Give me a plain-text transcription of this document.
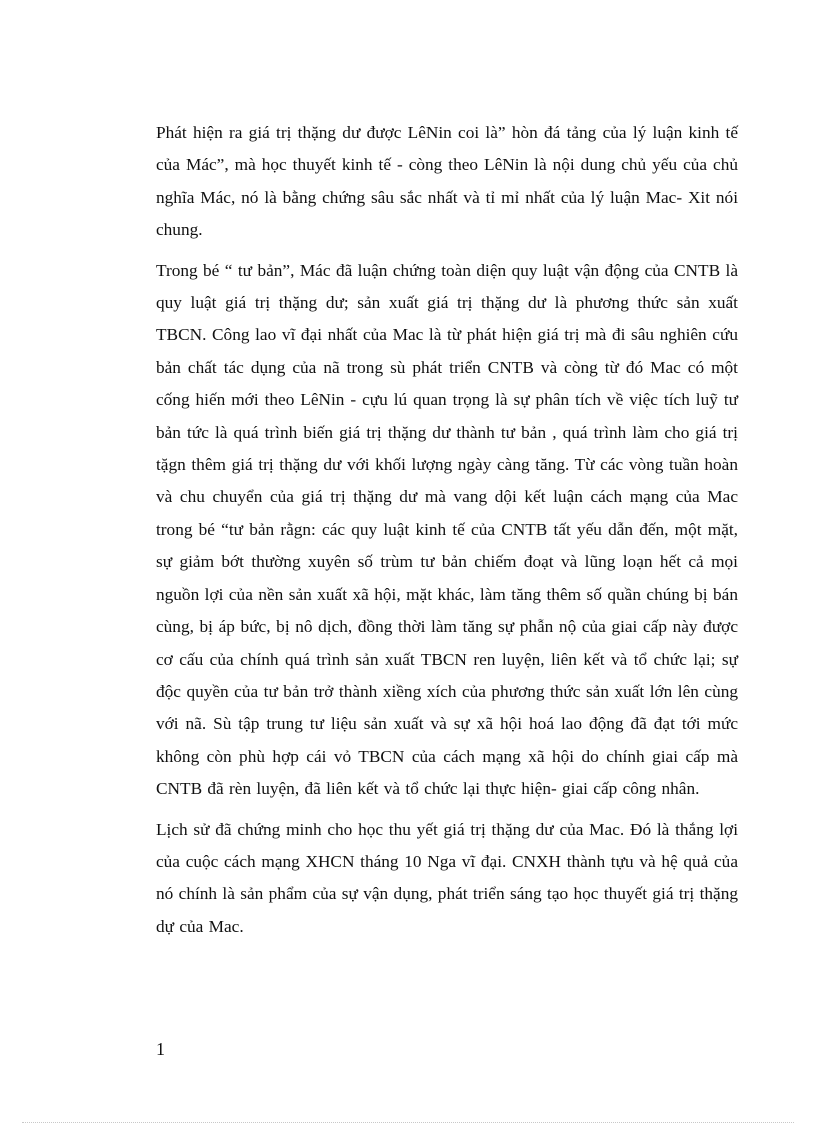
Phát hiện ra giá trị thặng dư được LêNin coi là” hòn đá tảng của lý luận kinh tế của Mác”, mà học thuyết kinh tế - còng theo LêNin là nội dung chủ yếu của chủ nghĩa Mác, nó là bằng chứng sâu sắc nhất và tỉ mỉ nhất của lý luận Mac- Xit nói chung.

Trong bé “ tư bản”, Mác đã luận chứng toàn diện quy luật vận động của CNTB là quy luật giá trị thặng dư; sản xuất giá trị thặng dư là phương thức sản xuất TBCN. Công lao vĩ đại nhất của Mac là từ phát hiện giá trị mà đi sâu nghiên cứu bản chất tác dụng của nã trong sù phát triển CNTB và còng từ đó Mac có một cống hiến mới theo LêNin - cựu lú quan trọng là sự phân tích về việc tích luỹ tư bản tức là quá trình biến giá trị thặng dư thành tư bản , quá trình làm cho giá trị tặgn thêm giá trị thặng dư với khối lượng ngày càng tăng. Từ các vòng tuần hoàn và chu chuyển của giá trị thặng dư mà vang dội kết luận cách mạng của Mac trong bé “tư bản rằgn: các quy luật kinh tế của CNTB tất yếu dẫn đến, một mặt, sự giảm bớt thường xuyên số trùm tư bản chiếm đoạt và lũng loạn hết cả mọi nguồn lợi của nền sản xuất xã hội, mặt khác, làm tăng thêm số quần chúng bị bán cùng, bị áp bức, bị nô dịch, đồng thời làm tăng sự phẫn nộ của giai cấp này được cơ cấu của chính quá trình sản xuất TBCN ren luyện, liên kết và tổ chức lại; sự độc quyền của tư bản trở thành xiềng xích của phương thức sản xuất lớn lên cùng với nã. Sù tập trung tư liệu sản xuất và sự xã hội hoá lao động đã đạt tới mức không còn phù hợp cái vỏ TBCN của cách mạng xã hội do chính giai cấp mà CNTB đã rèn luyện, đã liên kết và tổ chức lại thực hiện- giai cấp công nhân.

Lịch sử đã chứng minh cho học thu yết giá trị thặng dư của Mac. Đó là thắng lợi của cuộc cách mạng XHCN tháng 10 Nga vĩ đại. CNXH thành tựu và hệ quả của nó chính là sản phẩm của sự vận dụng, phát triển sáng tạo học thuyết giá trị thặng dự của Mac.

1
